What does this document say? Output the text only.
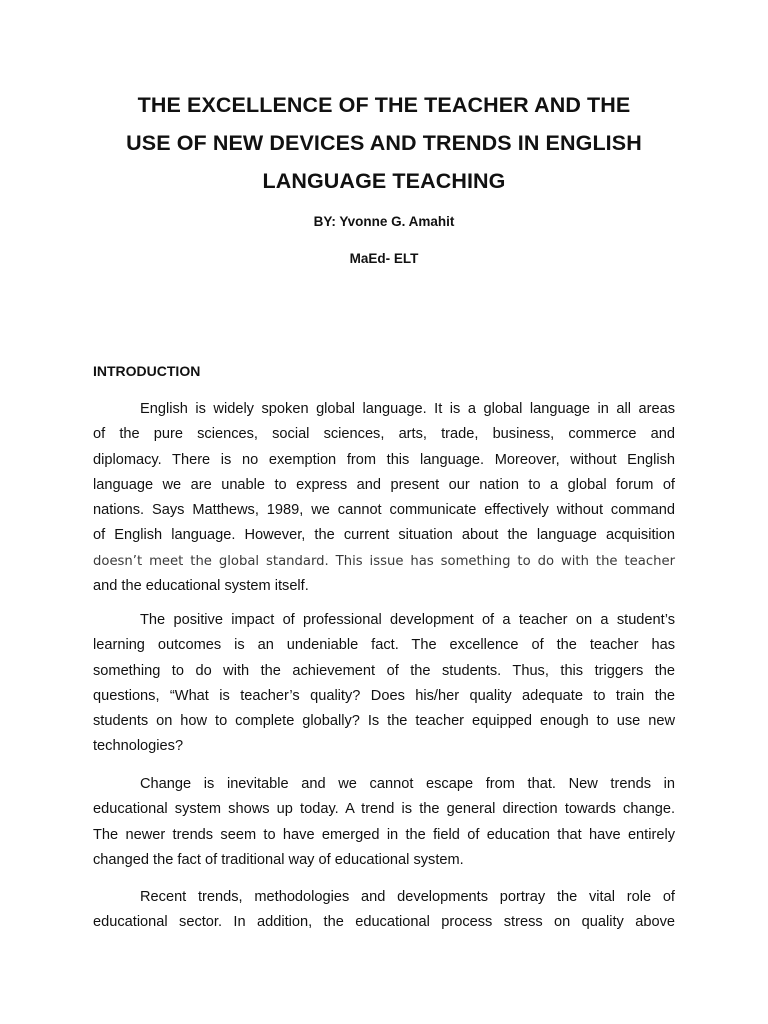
THE EXCELLENCE OF THE TEACHER AND THE
USE OF NEW DEVICES AND TRENDS IN ENGLISH
LANGUAGE TEACHING

BY: Yvonne G. Amahit

MaEd- ELT

INTRODUCTION
English is widely spoken global language. It is a global language in all areas
of the pure sciences, social sciences, arts, trade, business, commerce and
diplomacy. There is no exemption from this language. Moreover, without English
language we are unable to express and present our nation to a global forum of
nations. Says Matthews, 1989, we cannot communicate effectively without command
of English language. However, the current situation about the language acquisition
doesn’t meet the global standard. This issue has something to do with the teacher
and the educational system itself.
The positive impact of professional development of a teacher on a student’s
learning outcomes is an undeniable fact. The excellence of the teacher has
something to do with the achievement of the students. Thus, this triggers the
questions, “What is teacher’s quality? Does his/her quality adequate to train the
students on how to complete globally? Is the teacher equipped enough to use new
technologies?
Change is inevitable and we cannot escape from that. New trends in
educational system shows up today. A trend is the general direction towards change.
The newer trends seem to have emerged in the field of education that have entirely
changed the fact of traditional way of educational system.
Recent trends, methodologies and developments portray the vital role of
educational sector. In addition, the educational process stress on quality above
